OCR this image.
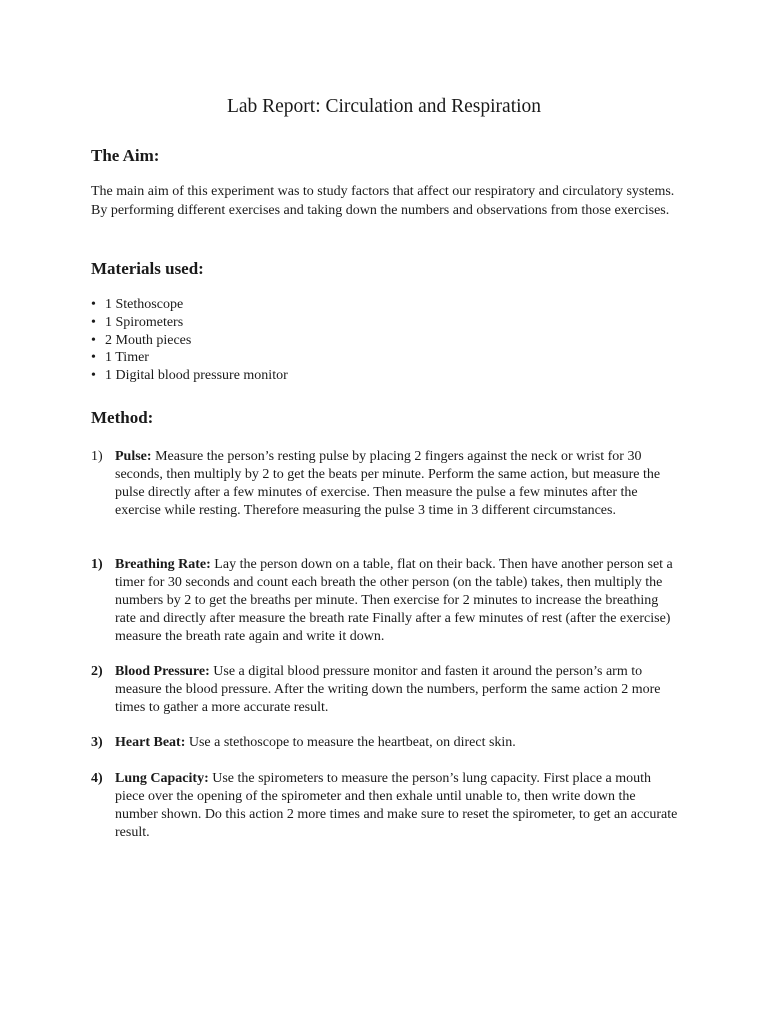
Lab Report: Circulation and Respiration
The Aim:

The main aim of this experiment was to study factors that affect our respiratory and circulatory systems. By performing different exercises and taking down the numbers and observations from those exercises.

Materials used:
• 1 Stethoscope
• 1 Spirometers
• 2 Mouth pieces
• 1 Timer
• 1 Digital blood pressure monitor
Method:
1) Pulse: Measure the person’s resting pulse by placing 2 fingers against the neck or wrist for 30 seconds, then multiply by 2 to get the beats per minute. Perform the same action, but measure the pulse directly after a few minutes of exercise. Then measure the pulse a few minutes after the exercise while resting. Therefore measuring the pulse 3 time in 3 different circumstances.
1) Breathing Rate: Lay the person down on a table, flat on their back. Then have another person set a timer for 30 seconds and count each breath the other person (on the table) takes, then multiply the numbers by 2 to get the breaths per minute. Then exercise for 2 minutes to increase the breathing rate and directly after measure the breath rate Finally after a few minutes of rest (after the exercise) measure the breath rate again and write it down.
2) Blood Pressure: Use a digital blood pressure monitor and fasten it around the person’s arm to measure the blood pressure. After the writing down the numbers, perform the same action 2 more times to gather a more accurate result.
3) Heart Beat: Use a stethoscope to measure the heartbeat, on direct skin.
4) Lung Capacity: Use the spirometers to measure the person’s lung capacity. First place a mouth piece over the opening of the spirometer and then exhale until unable to, then write down the number shown. Do this action 2 more times and make sure to reset the spirometer, to get an accurate result.
